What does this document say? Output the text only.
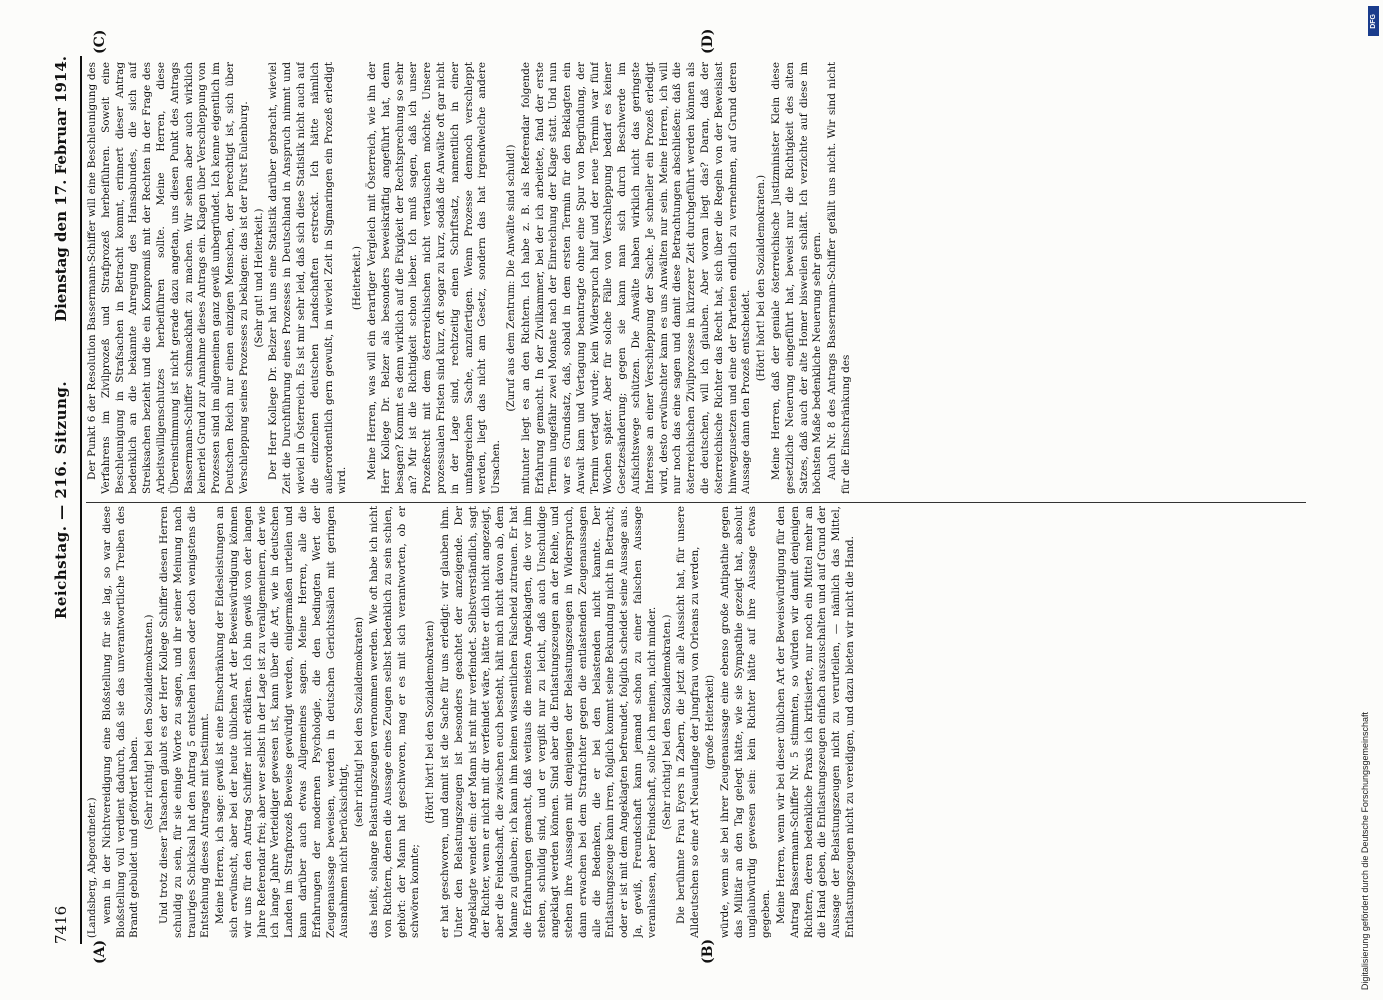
7416
Reichstag. — 216. Sitzung.
Dienstag den 17. Februar 1914.
(A)	(B)
(C)	(D)

(Landsberg, Abgeordneter.) wenn in der Nichtvereidigung eine Bloßstellung für sie lag, so war diese Bloßstellung voll verdient dadurch, daß sie das unverantwortliche Treiben des Brandt gebuldet und gefördert haben.

(Sehr richtig! bei den Sozialdemokraten.) Und trotz dieser Tatsachen glaubt es der Herr Kollege Schiffer diesen Herren schuldig zu sein, für sie einige Worte zu sagen, und ihr seiner Meinung nach trauriges Schicksal hat den Antrag 5 entstehen lassen oder doch wenigstens die Entstehung dieses Antrages mit bestimmt. Meine Herren, ich sage: gewiß ist eine Einschränkung der Eidesleistungen an sich erwünscht, aber bei der heute üblichen Art der Beweiswürdigung können wir uns für den Antrag Schiffer nicht erklären. Ich bin gewiß von der langen Jahre Referendar frei; aber wer selbst in der Lage ist zu verallgemeinern, der wie ich lange Jahre Verteidiger gewesen ist, kann über die Art, wie in deutschen Landen im Strafprozeß Beweise gewürdigt werden, einigermaßen urteilen und kann darüber auch etwas Allgemeines sagen. Meine Herren, alle die Erfahrungen der modernen Psychologie, die den bedingten Wert der Zeugenaussage beweisen, werden in deutschen Gerichtssälen mit geringen Ausnahmen nicht berücksichtigt,

(sehr richtig! bei den Sozialdemokraten) das heißt, solange Belastungszeugen vernommen werden. Wie oft habe ich nicht von Richtern, denen die Aussage eines Zeugen selbst bedenklich zu sein schien, gehört: der Mann hat geschworen, mag er es mit sich verantworten, ob er schwören konnte;

(Hört! hört! bei den Sozialdemokraten) er hat geschworen, und damit ist die Sache für uns erledigt: wir glauben ihm. Unter den Belastungszeugen ist besonders geachtet der anzeigende. Der Angeklagte wendet ein: der Mann ist mit mir verfeindet. Selbstverständlich, sagt der Richter, wenn er nicht mit dir verfeindet wäre, hätte er dich nicht angezeigt, aber die Feindschaft, die zwischen euch besteht, hält mich nicht davon ab, dem Manne zu glauben; ich kann ihm keinen wissentlichen Falscheid zutrauen. Er hat die Erfahrungen gemacht, daß weitaus die meisten Angeklagten, die vor ihm stehen, schuldig sind, und er vergißt nur zu leicht, daß auch Unschuldige angeklagt werden können. Sind aber die Entlastungszeugen an der Reihe, und stehen ihre Aussagen mit denjenigen der Belastungszeugen in Widerspruch, dann erwachen bei dem Strafrichter gegen die entlastenden Zeugenaussagen alle die Bedenken, die er bei den belastenden nicht kannte. Der Entlastungszeuge kann irren, folglich kommt seine Bekundung nicht in Betracht; oder er ist mit dem Angeklagten befreundet, folglich scheidet seine Aussage aus. Ja, gewiß, Freundschaft kann jemand schon zu einer falschen Aussage veranlassen, aber Feindschaft, sollte ich meinen, nicht minder. (Sehr richtig! bei den Sozialdemokraten.) Die berühmte Frau Eyers in Zabern, die jetzt alle Aussicht hat, für unsere Alldeutschen so eine Art Neuauflage der Jungfrau von Orleans zu werden, (große Heiterkeit) würde, wenn sie bei ihrer Zeugenaussage eine ebenso große Antipathie gegen das Militär an den Tag gelegt hätte, wie sie Sympathie gezeigt hat, absolut unglaubwürdig gewesen sein: kein Richter hätte auf ihre Aussage etwas gegeben. Meine Herren, wenn wir bei dieser üblichen Art der Beweiswürdigung für den Antrag Bassermann-Schiffer Nr. 5 stimmten, so würden wir damit denjenigen Richtern, deren bedenkliche Praxis ich kritisierte, nur noch ein Mittel mehr an die Hand geben, die Entlastungszeugen einfach auszuschalten und auf Grund der Aussage der Belastungszeugen nicht zu verurteilen, — nämlich das Mittel, Entlastungszeugen nicht zu vereidigen, und dazu bieten wir nicht die Hand.

Der Punkt 6 der Resolution Bassermann-Schiffer will eine Beschleunigung des Verfahrens im Zivilprozeß und Strafprozeß herbeiführen. Soweit eine Beschleunigung in Strafsachen in Betracht kommt, erinnert dieser Antrag bedenklich an die bekannte Anregung des Hansabundes, die sich auf Streiksachen bezieht und die ein Kompromiß mit der Rechten in der Frage des Arbeitswilligenschutzes herbeiführen sollte. Meine Herren, diese Übereinstimmung ist nicht gerade dazu angetan, uns diesen Punkt des Antrags Bassermann-Schiffer schmackhaft zu machen. Wir sehen aber auch wirklich keinerlei Grund zur Annahme dieses Antrags ein. Klagen über Verschleppung von Prozessen sind im allgemeinen ganz gewiß unbegründet. Ich kenne eigentlich im Deutschen Reich nur einen einzigen Menschen, der berechtigt ist, sich über Verschleppung seines Prozesses zu beklagen: das ist der Fürst Eulenburg. (Sehr gut! und Heiterkeit.) Der Herr Kollege Dr. Belzer hat uns eine Statistik darüber gebracht, wieviel Zeit die Durchführung eines Prozesses in Deutschland in Anspruch nimmt und wieviel in Österreich. Es ist mir sehr leid, daß sich diese Statistik nicht auch auf die einzelnen deutschen Landschaften erstreckt. Ich hätte nämlich außerordentlich gern gewußt, in wieviel Zeit in Sigmaringen ein Prozeß erledigt wird.

(Heiterkeit.) Meine Herren, was will ein derartiger Vergleich mit Österreich, wie ihn der Herr Kollege Dr. Belzer als besonders beweiskräftig angeführt hat, denn besagen? Kommt es denn wirklich auf die Fixigkeit der Rechtsprechung so sehr an? Mir ist die Richtigkeit schon lieber. Ich muß sagen, daß ich unser Prozeßrecht mit dem österreichischen nicht vertauschen möchte. Unsere prozessualen Fristen sind kurz, oft sogar zu kurz, sodaß die Anwälte oft gar nicht in der Lage sind, rechtzeitig einen Schriftsatz, namentlich in einer umfangreichen Sache, anzufertigen. Wenn Prozesse dennoch verschleppt werden, liegt das nicht am Gesetz, sondern das hat irgendwelche andere Ursachen.

(Zuruf aus dem Zentrum: Die Anwälte sind schuld!) mitunter liegt es an den Richtern. Ich habe z. B. als Referendar folgende Erfahrung gemacht. In der Zivilkammer, bei der ich arbeitete, fand der erste Termin ungefähr zwei Monate nach der Einreichung der Klage statt. Und nun war es Grundsatz, daß, sobald in dem ersten Termin für den Beklagten ein Anwalt kam und Vertagung beantragte ohne eine Spur von Begründung, der Termin vertagt wurde; kein Widerspruch half und der neue Termin war fünf Wochen später. Aber für solche Fälle von Verschleppung bedarf es keiner Gesetzesänderung; gegen sie kann man sich durch Beschwerde im Aufsichtswege schützen. Die Anwälte haben wirklich nicht das geringste Interesse an einer Verschleppung der Sache. Je schneller ein Prozeß erledigt wird, desto erwünschter kann es uns Anwälten nur sein. Meine Herren, ich will nur noch das eine sagen und damit diese Betrachtungen abschließen: daß die österreichischen Zivilprozesse in kürzerer Zeit durchgeführt werden können als die deutschen, will ich glauben. Aber woran liegt das? Daran, daß der österreichische Richter das Recht hat, sich über die Regeln von der Beweislast hinwegzusetzen und eine der Parteien endlich zu vernehmen, auf Grund deren Aussage dann den Prozeß entscheidet.

(Hört! hört! bei den Sozialdemokraten.) Meine Herren, daß der geniale österreichische Justizminister Klein diese gesetzliche Neuerung eingeführt hat, beweist nur die Richtigkeit des alten Satzes, daß auch der alte Homer bisweilen schläft. Ich verzichte auf diese im höchsten Maße bedenkliche Neuerung sehr gern. Auch Nr. 8 des Antrags Bassermann-Schiffer gefällt uns nicht. Wir sind nicht für die Einschränkung des

Digitalisierung gefördert durch die Deutsche Forschungsgemeinschaft
DFG
